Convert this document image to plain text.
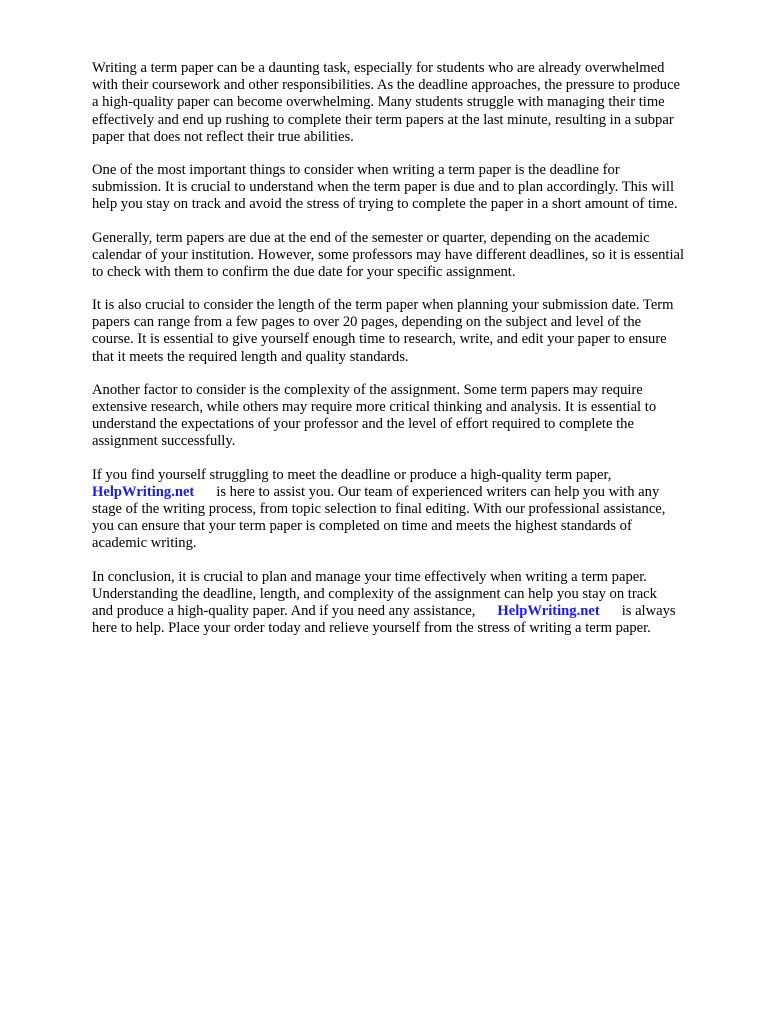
Writing a term paper can be a daunting task, especially for students who are already overwhelmed
with their coursework and other responsibilities. As the deadline approaches, the pressure to produce
a high-quality paper can become overwhelming. Many students struggle with managing their time
effectively and end up rushing to complete their term papers at the last minute, resulting in a subpar
paper that does not reflect their true abilities.

One of the most important things to consider when writing a term paper is the deadline for
submission. It is crucial to understand when the term paper is due and to plan accordingly. This will
help you stay on track and avoid the stress of trying to complete the paper in a short amount of time.

Generally, term papers are due at the end of the semester or quarter, depending on the academic
calendar of your institution. However, some professors may have different deadlines, so it is essential
to check with them to confirm the due date for your specific assignment.

It is also crucial to consider the length of the term paper when planning your submission date. Term
papers can range from a few pages to over 20 pages, depending on the subject and level of the
course. It is essential to give yourself enough time to research, write, and edit your paper to ensure
that it meets the required length and quality standards.

Another factor to consider is the complexity of the assignment. Some term papers may require
extensive research, while others may require more critical thinking and analysis. It is essential to
understand the expectations of your professor and the level of effort required to complete the
assignment successfully.

If you find yourself struggling to meet the deadline or produce a high-quality term paper,
HelpWriting.net is here to assist you. Our team of experienced writers can help you with any
stage of the writing process, from topic selection to final editing. With our professional assistance,
you can ensure that your term paper is completed on time and meets the highest standards of
academic writing.

In conclusion, it is crucial to plan and manage your time effectively when writing a term paper.
Understanding the deadline, length, and complexity of the assignment can help you stay on track
and produce a high-quality paper. And if you need any assistance, HelpWriting.net is always
here to help. Place your order today and relieve yourself from the stress of writing a term paper.
